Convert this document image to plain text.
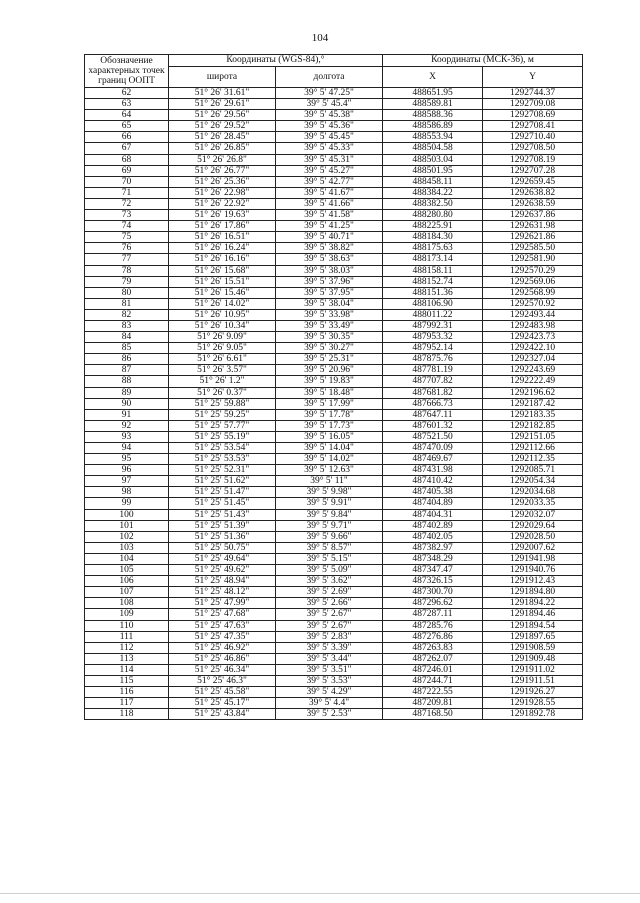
104
Обозначение характерных точек границ ООПТ	Координаты (WGS-84),°		Координаты (МСК-36), м	
	широта	долгота	X	Y
62	51° 26' 31.61"	39° 5' 47.25"	488651.95	1292744.37
63	51° 26' 29.61"	39° 5' 45.4"	488589.81	1292709.08
64	51° 26' 29.56"	39° 5' 45.38"	488588.36	1292708.69
65	51° 26' 29.52"	39° 5' 45.36"	488586.89	1292708.41
66	51° 26' 28.45"	39° 5' 45.45"	488553.94	1292710.40
67	51° 26' 26.85"	39° 5' 45.33"	488504.58	1292708.50
68	51° 26' 26.8"	39° 5' 45.31"	488503.04	1292708.19
69	51° 26' 26.77"	39° 5' 45.27"	488501.95	1292707.28
70	51° 26' 25.36"	39° 5' 42.77"	488458.11	1292659.45
71	51° 26' 22.98"	39° 5' 41.67"	488384.22	1292638.82
72	51° 26' 22.92"	39° 5' 41.66"	488382.50	1292638.59
73	51° 26' 19.63"	39° 5' 41.58"	488280.80	1292637.86
74	51° 26' 17.86"	39° 5' 41.25"	488225.91	1292631.98
75	51° 26' 16.51"	39° 5' 40.71"	488184.30	1292621.86
76	51° 26' 16.24"	39° 5' 38.82"	488175.63	1292585.50
77	51° 26' 16.16"	39° 5' 38.63"	488173.14	1292581.90
78	51° 26' 15.68"	39° 5' 38.03"	488158.11	1292570.29
79	51° 26' 15.51"	39° 5' 37.96"	488152.74	1292569.06
80	51° 26' 15.46"	39° 5' 37.95"	488151.36	1292568.99
81	51° 26' 14.02"	39° 5' 38.04"	488106.90	1292570.92
82	51° 26' 10.95"	39° 5' 33.98"	488011.22	1292493.44
83	51° 26' 10.34"	39° 5' 33.49"	487992.31	1292483.98
84	51° 26' 9.09"	39° 5' 30.35"	487953.32	1292423.73
85	51° 26' 9.05"	39° 5' 30.27"	487952.14	1292422.10
86	51° 26' 6.61"	39° 5' 25.31"	487875.76	1292327.04
87	51° 26' 3.57"	39° 5' 20.96"	487781.19	1292243.69
88	51° 26' 1.2"	39° 5' 19.83"	487707.82	1292222.49
89	51° 26' 0.37"	39° 5' 18.48"	487681.82	1292196.62
90	51° 25' 59.88"	39° 5' 17.99"	487666.73	1292187.42
91	51° 25' 59.25"	39° 5' 17.78"	487647.11	1292183.35
92	51° 25' 57.77"	39° 5' 17.73"	487601.32	1292182.85
93	51° 25' 55.19"	39° 5' 16.05"	487521.50	1292151.05
94	51° 25' 53.54"	39° 5' 14.04"	487470.09	1292112.66
95	51° 25' 53.53"	39° 5' 14.02"	487469.67	1292112.35
96	51° 25' 52.31"	39° 5' 12.63"	487431.98	1292085.71
97	51° 25' 51.62"	39° 5' 11"	487410.42	1292054.34
98	51° 25' 51.47"	39° 5' 9.98"	487405.38	1292034.68
99	51° 25' 51.45"	39° 5' 9.91"	487404.89	1292033.35
100	51° 25' 51.43"	39° 5' 9.84"	487404.31	1292032.07
101	51° 25' 51.39"	39° 5' 9.71"	487402.89	1292029.64
102	51° 25' 51.36"	39° 5' 9.66"	487402.05	1292028.50
103	51° 25' 50.75"	39° 5' 8.57"	487382.97	1292007.62
104	51° 25' 49.64"	39° 5' 5.15"	487348.29	1291941.98
105	51° 25' 49.62"	39° 5' 5.09"	487347.47	1291940.76
106	51° 25' 48.94"	39° 5' 3.62"	487326.15	1291912.43
107	51° 25' 48.12"	39° 5' 2.69"	487300.70	1291894.80
108	51° 25' 47.99"	39° 5' 2.66"	487296.62	1291894.22
109	51° 25' 47.68"	39° 5' 2.67"	487287.11	1291894.46
110	51° 25' 47.63"	39° 5' 2.67"	487285.76	1291894.54
111	51° 25' 47.35"	39° 5' 2.83"	487276.86	1291897.65
112	51° 25' 46.92"	39° 5' 3.39"	487263.83	1291908.59
113	51° 25' 46.86"	39° 5' 3.44"	487262.07	1291909.48
114	51° 25' 46.34"	39° 5' 3.51"	487246.01	1291911.02
115	51° 25' 46.3"	39° 5' 3.53"	487244.71	1291911.51
116	51° 25' 45.58"	39° 5' 4.29"	487222.55	1291926.27
117	51° 25' 45.17"	39° 5' 4.4"	487209.81	1291928.55
118	51° 25' 43.84"	39° 5' 2.53"	487168.50	1291892.78
